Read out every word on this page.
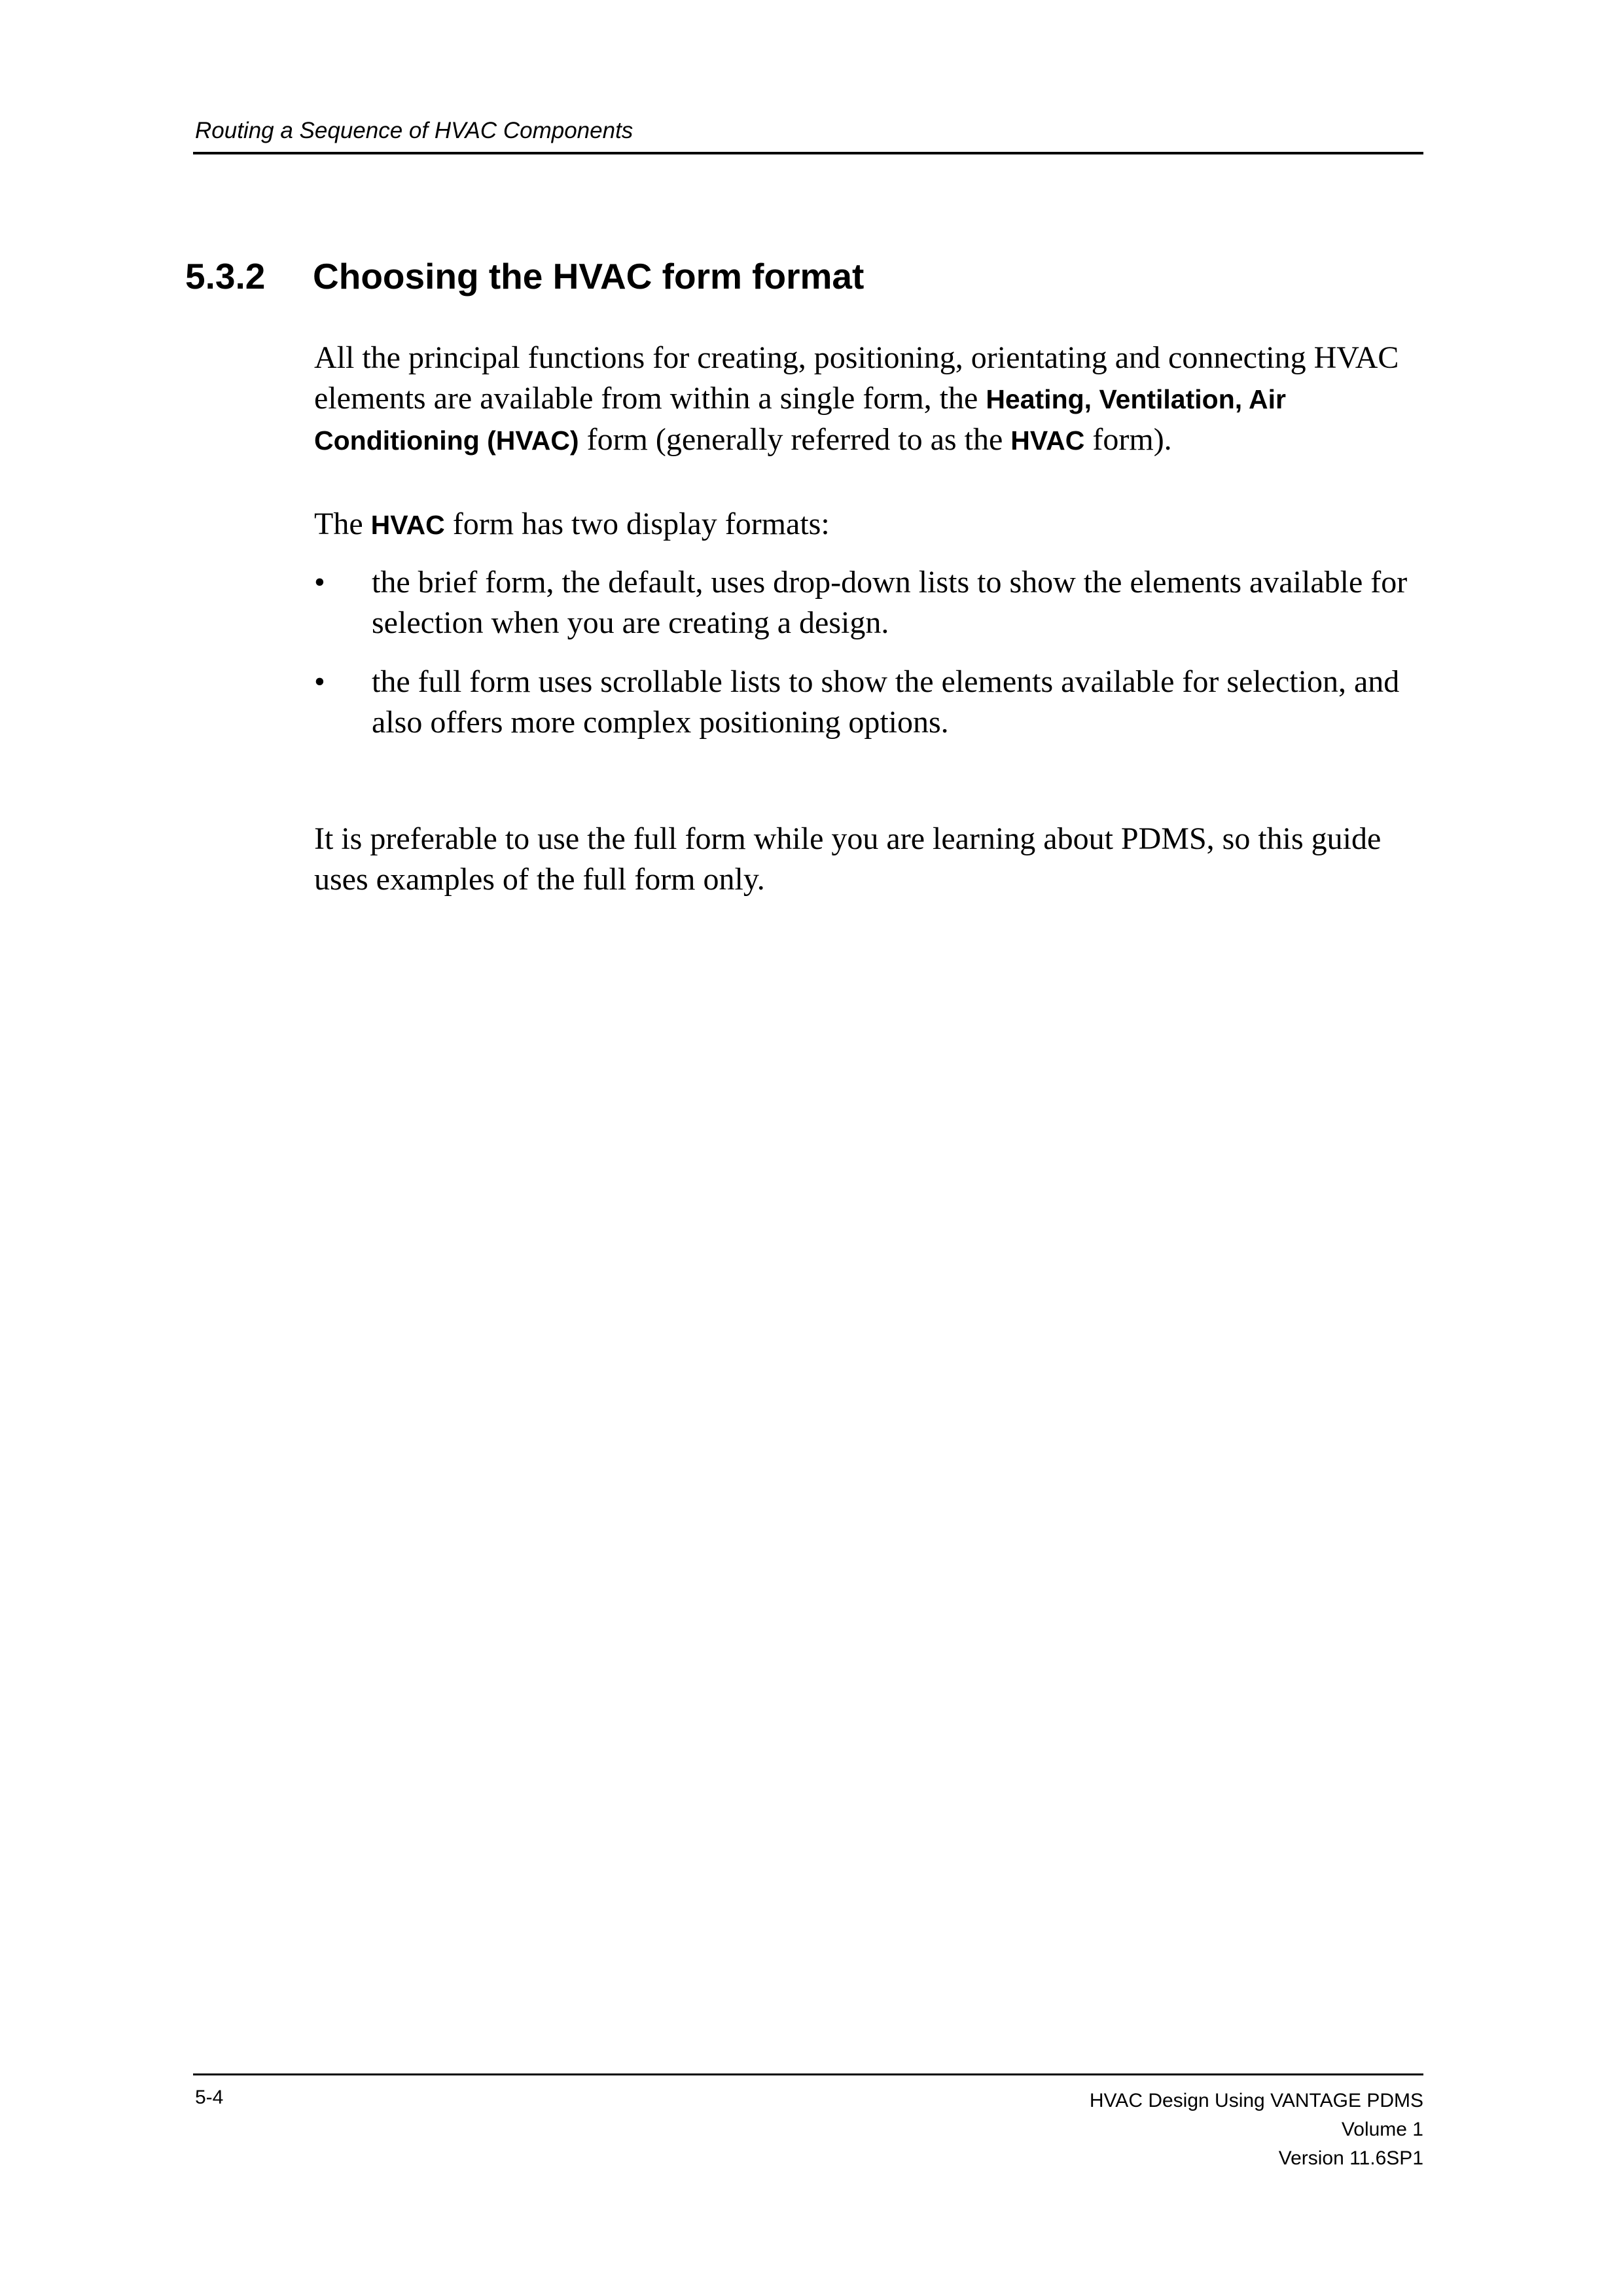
Routing a Sequence of HVAC Components
5.3.2 Choosing the HVAC form format

All the principal functions for creating, positioning, orientating and connecting HVAC elements are available from within a single form, the Heating, Ventilation, Air Conditioning (HVAC) form (generally referred to as the HVAC form).

The HVAC form has two display formats:

• the brief form, the default, uses drop-down lists to show the elements available for selection when you are creating a design.

• the full form uses scrollable lists to show the elements available for selection, and also offers more complex positioning options.

It is preferable to use the full form while you are learning about PDMS, so this guide uses examples of the full form only.

5-4	HVAC Design Using VANTAGE PDMS
Volume 1
Version 11.6SP1
